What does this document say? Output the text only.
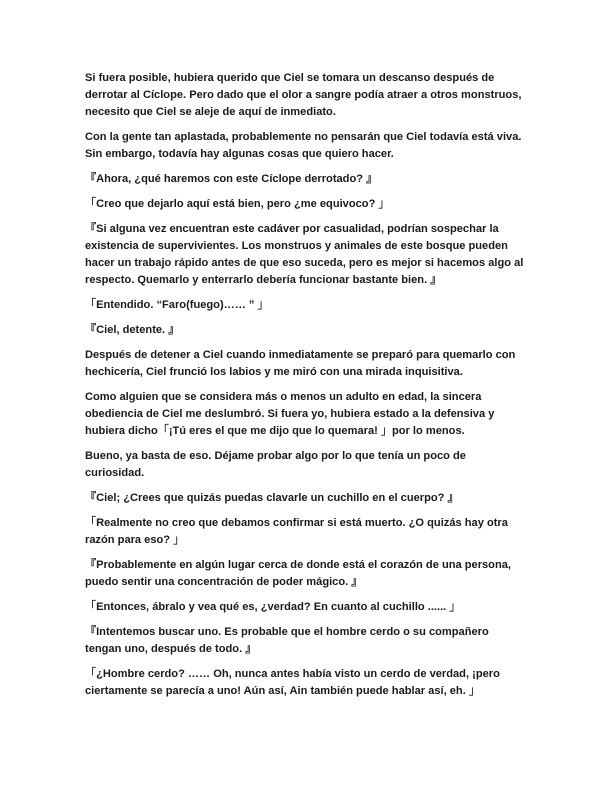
Si fuera posible, hubiera querido que Ciel se tomara un descanso después de derrotar al Cíclope. Pero dado que el olor a sangre podía atraer a otros monstruos, necesito que Ciel se aleje de aquí de inmediato.

Con la gente tan aplastada, probablemente no pensarán que Ciel todavía está viva. Sin embargo, todavía hay algunas cosas que quiero hacer.

『Ahora, ¿qué haremos con este Cíclope derrotado? 』

「Creo que dejarlo aquí está bien, pero ¿me equivoco? 」

『Si alguna vez encuentran este cadáver por casualidad, podrían sospechar la existencia de supervivientes. Los monstruos y animales de este bosque pueden hacer un trabajo rápido antes de que eso suceda, pero es mejor si hacemos algo al respecto. Quemarlo y enterrarlo debería funcionar bastante bien. 』

「Entendido. “Faro(fuego)…… ” 」

『Ciel, detente. 』

Después de detener a Ciel cuando inmediatamente se preparó para quemarlo con hechicería, Ciel frunció los labios y me miró con una mirada inquisitiva.

Como alguien que se considera más o menos un adulto en edad, la sincera obediencia de Ciel me deslumbró. Si fuera yo, hubiera estado a la defensiva y hubiera dicho「¡Tú eres el que me dijo que lo quemara! 」por lo menos.

Bueno, ya basta de eso. Déjame probar algo por lo que tenía un poco de curiosidad.

『Ciel; ¿Crees que quizás puedas clavarle un cuchillo en el cuerpo? 』

「Realmente no creo que debamos confirmar si está muerto. ¿O quizás hay otra razón para eso? 」

『Probablemente en algún lugar cerca de donde está el corazón de una persona, puedo sentir una concentración de poder mágico. 』

「Entonces, ábralo y vea qué es, ¿verdad? En cuanto al cuchillo ...... 」

『Intentemos buscar uno. Es probable que el hombre cerdo o su compañero tengan uno, después de todo. 』

「¿Hombre cerdo? …… Oh, nunca antes había visto un cerdo de verdad, ¡pero ciertamente se parecía a uno! Aún así, Ain también puede hablar así, eh. 」
